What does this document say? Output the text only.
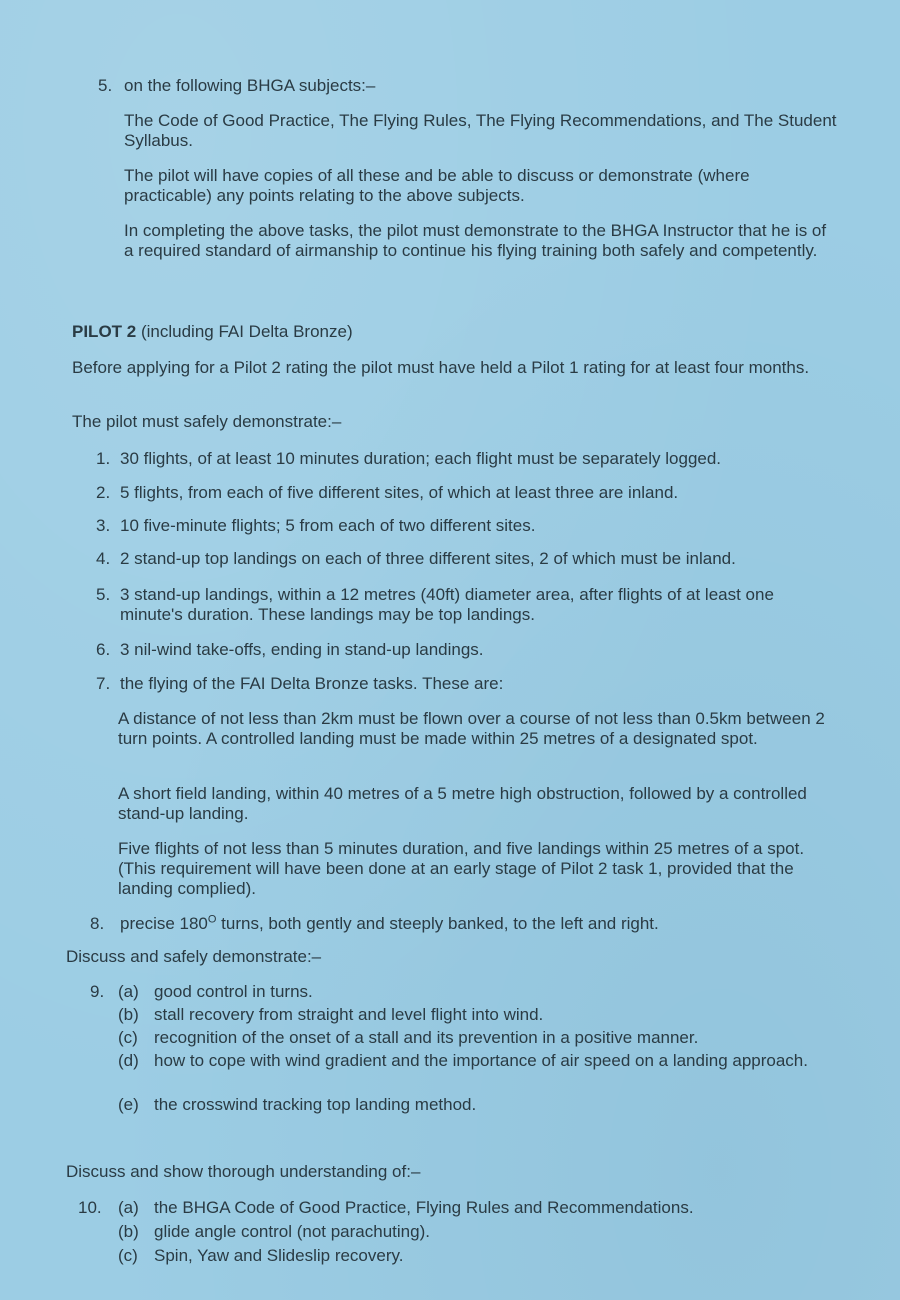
5. on the following BHGA subjects:–

The Code of Good Practice, The Flying Rules, The Flying Recommendations, and The Student Syllabus.

The pilot will have copies of all these and be able to discuss or demonstrate (where practicable) any points relating to the above subjects.

In completing the above tasks, the pilot must demonstrate to the BHGA Instructor that he is of a required standard of airmanship to continue his flying training both safely and competently.

PILOT 2 (including FAI Delta Bronze)

Before applying for a Pilot 2 rating the pilot must have held a Pilot 1 rating for at least four months.

The pilot must safely demonstrate:–

1. 30 flights, of at least 10 minutes duration; each flight must be separately logged.
2. 5 flights, from each of five different sites, of which at least three are inland.
3. 10 five-minute flights; 5 from each of two different sites.
4. 2 stand-up top landings on each of three different sites, 2 of which must be inland.
5. 3 stand-up landings, within a 12 metres (40ft) diameter area, after flights of at least one minute's duration. These landings may be top landings.
6. 3 nil-wind take-offs, ending in stand-up landings.
7. the flying of the FAI Delta Bronze tasks. These are:

A distance of not less than 2km must be flown over a course of not less than 0.5km between 2 turn points. A controlled landing must be made within 25 metres of a designated spot.

A short field landing, within 40 metres of a 5 metre high obstruction, followed by a controlled stand-up landing.

Five flights of not less than 5 minutes duration, and five landings within 25 metres of a spot. (This requirement will have been done at an early stage of Pilot 2 task 1, provided that the landing complied).

8. precise $180^O$ turns, both gently and steeply banked, to the left and right.

Discuss and safely demonstrate:–

9. (a) good control in turns.
(b) stall recovery from straight and level flight into wind.
(c) recognition of the onset of a stall and its prevention in a positive manner.
(d) how to cope with wind gradient and the importance of air speed on a landing approach.
(e) the crosswind tracking top landing method.

Discuss and show thorough understanding of:–

10. (a) the BHGA Code of Good Practice, Flying Rules and Recommendations.
(b) glide angle control (not parachuting).
(c) Spin, Yaw and Slideslip recovery.
